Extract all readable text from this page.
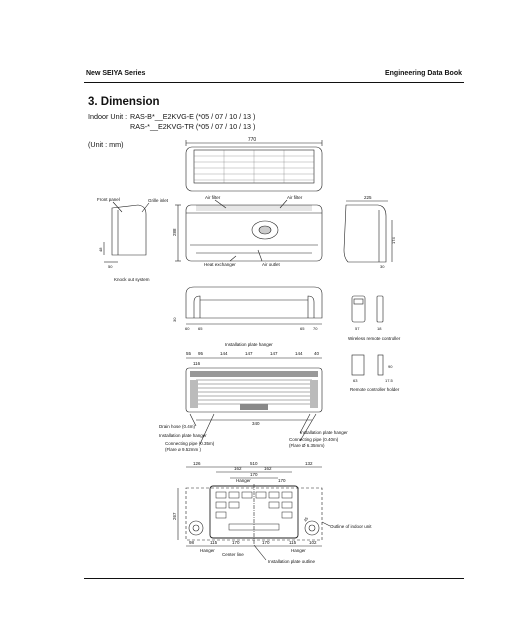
New SEIYA Series	Engineering Data Book
3. Dimension
Indoor Unit : RAS-B*__E2KVG-E (*05 / 07 / 10 / 13 )
RAS-*__E2KVG-TR (*05 / 07 / 10 / 13 )
(Unit : mm)	770
288
Air filter	Air filter
Heat exchanger	Air outlet
48
50
Front panel	Grille inlet
225
174
30
Knock out system
30
60 65	65 70	57	18
Wireless remote controller
90
63	17.5
Remote controller holder
Installation plate hanger
55 95	144	147	147	144	40
116
340
Drain hose (0.4m)
Installation plate hanger
Installation plate hanger
Connecting pipe (0.35m)
(Flare ø 9.52mm )
Connecting pipe (0.40m)
(Flare Ø 6.35mm)
126	510	132
162	162
170
Hanger	170
267	45
98	115	170	170	115	102
Hanger
Center line
Hanger
Outline of indoor unit
Installation plate outline
